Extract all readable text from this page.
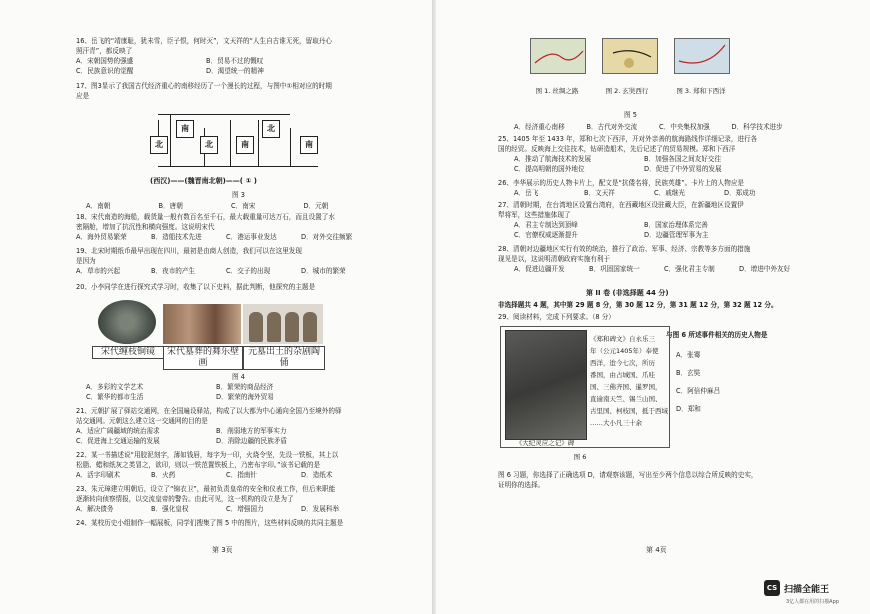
16、岳飞的“靖康耻，犹未雪，臣子恨，何时灭”，文天祥的“人生自古谁无死，留取丹心
照汗青”，都反映了
A．宋朝国势的强盛	B．贸易不过的慨叹
C．民族意识的觉醒	D．渴望统一的精神
17、图3显示了我国古代经济重心的南移经历了一个漫长的过程，与图中①相对应的时期
应是
北
南
北	南
北
南
(西汉)——(魏晋南北朝)——( ① )
图 3
A．南朝	B．唐朝	C．南宋	D．元朝
18、宋代南造的海船，载货量一般有数百名至千石，最大载重量可达万石，而且设置了水
密隔舱，增加了抗沉性和横向强度。这说明宋代
A．海外贸易繁荣	B．造船技术先进	C．港运事业发达	D．对外交往频繁
19、北宋时期纸币最早出现在四川，最初是由商人创造，我们可以在这里发现
是因为
A．草市的兴起	B．夜市的产生	C．交子的出现	D．城市的繁荣
20、小李同学在进行探究式学习时，收集了以下史料，据此判断，他探究的主题是
宋代缠枝铜镜	宋代墓葬的舞乐壁画
元墓出土的杂剧陶俑
图 4
A．多彩的文学艺术	B．繁荣的商品经济
C．繁华的都市生活	D．繁荣的海外贸易
21、元朝扩展了驿站交通网，在全国遍设驿站，构成了以大都为中心通向全国乃至境外的驿
站交通网。元朝这么建立这一交通网的目的是
A．适应广阔疆域的统治需求	B．削弱地方的军事实力
C．促进海上交通运输的发展	D．消除边疆的民族矛盾
22、某一书描述说“用胶泥刻字，薄如钱唇，每字为一印，火烧令坚，先设一铁板，其上以
松脂、蜡和纸灰之类冒之，欲印，则以一铁范置铁板上，乃密布字印。”该书记载的是
A．活字印刷术	B．火药	C．指南针	D．造纸术
23、朱元璋建立明朝后，设立了“锦衣卫”，最初负责皇帝的安全和仪表工作，但后来职能
逐渐转向侦察情报，以交流皇帝的警告。由此可见，这一机构的设立是为了
A．解决债务	B．强化皇权	C．增强国力	D．发展科举
24、某校历史小组制作一幅展板，同学们搜集了图 5 中的图片，这些材料反映的共同主题是
第 3页
图 1. 丝绸之路	图 2. 玄奘西行	图 3. 郑和下西洋
图 5
A．经济重心南移	B．古代对外交流	C．中央集权加强	D．科学技术进步
25、1405 年至 1433 年，郑和七次下西洋，开对外亲善的航海路线作详细记录，进行各
国的经贸。反映海上交往技术，钻研造船术，先后记述了的贸易规模。郑和下西洋
A．推动了航海技术的发展	B．加强各国之间友好交往
C．提高明朝的国外地位	D．促进了中外贸易的发展
26、李华展示的历史人物卡片上，配文是“抗倭名将，民族英雄”。卡片上的人物应是
A．岳飞	B．文天祥	C．戚继光	D．郑成功
27、清朝时期，在台湾地区设置台湾府，在西藏地区设驻藏大臣，在新疆地区设置伊
犁将军，这些措施体现了
A．君主专制达到顶峰	B．国家治理体系完善
C．官僚权威逐渐提升	D．边疆管理军事为主
28、清朝对边疆地区实行有效的统治，推行了政治、军事、经济、宗教等多方面的措施
现见是以，这说明清朝政府实施有利于
A．促进边疆开发	B．巩固国家统一	C．强化君主专制	D．增进中外友好
第 II 卷 (非选择题 44 分)
非选择题共 4 题，其中第 29 题 8 分，第 30 题 12 分，第 31 题 12 分，第 32 题 12 分。
29、阅读材料，完成下列要求。（8 分）
与图 6 所述事件相关的历史人物是
A．张骞
B．玄奘
C．阿倍仲麻吕
D．郑和
图 6 习题，你选择了正确选项 D，请观察该题，写出至少两个信息以综合所反映的史实，
证明你的选择。
第 4页
《郑和碑文》自永乐三
年（公元1405年）奉使
西洋，迨今七次，所历
番国，由占城国、爪哇
国、三佛齐国、暹罗国，
直逾南天竺、锡兰山国、
古里国、柯枝国，抵于西域
……大小凡三十余
《大纪灵应之记》碑
图 6
CS 扫描全能王
3亿人都在用的扫描App
